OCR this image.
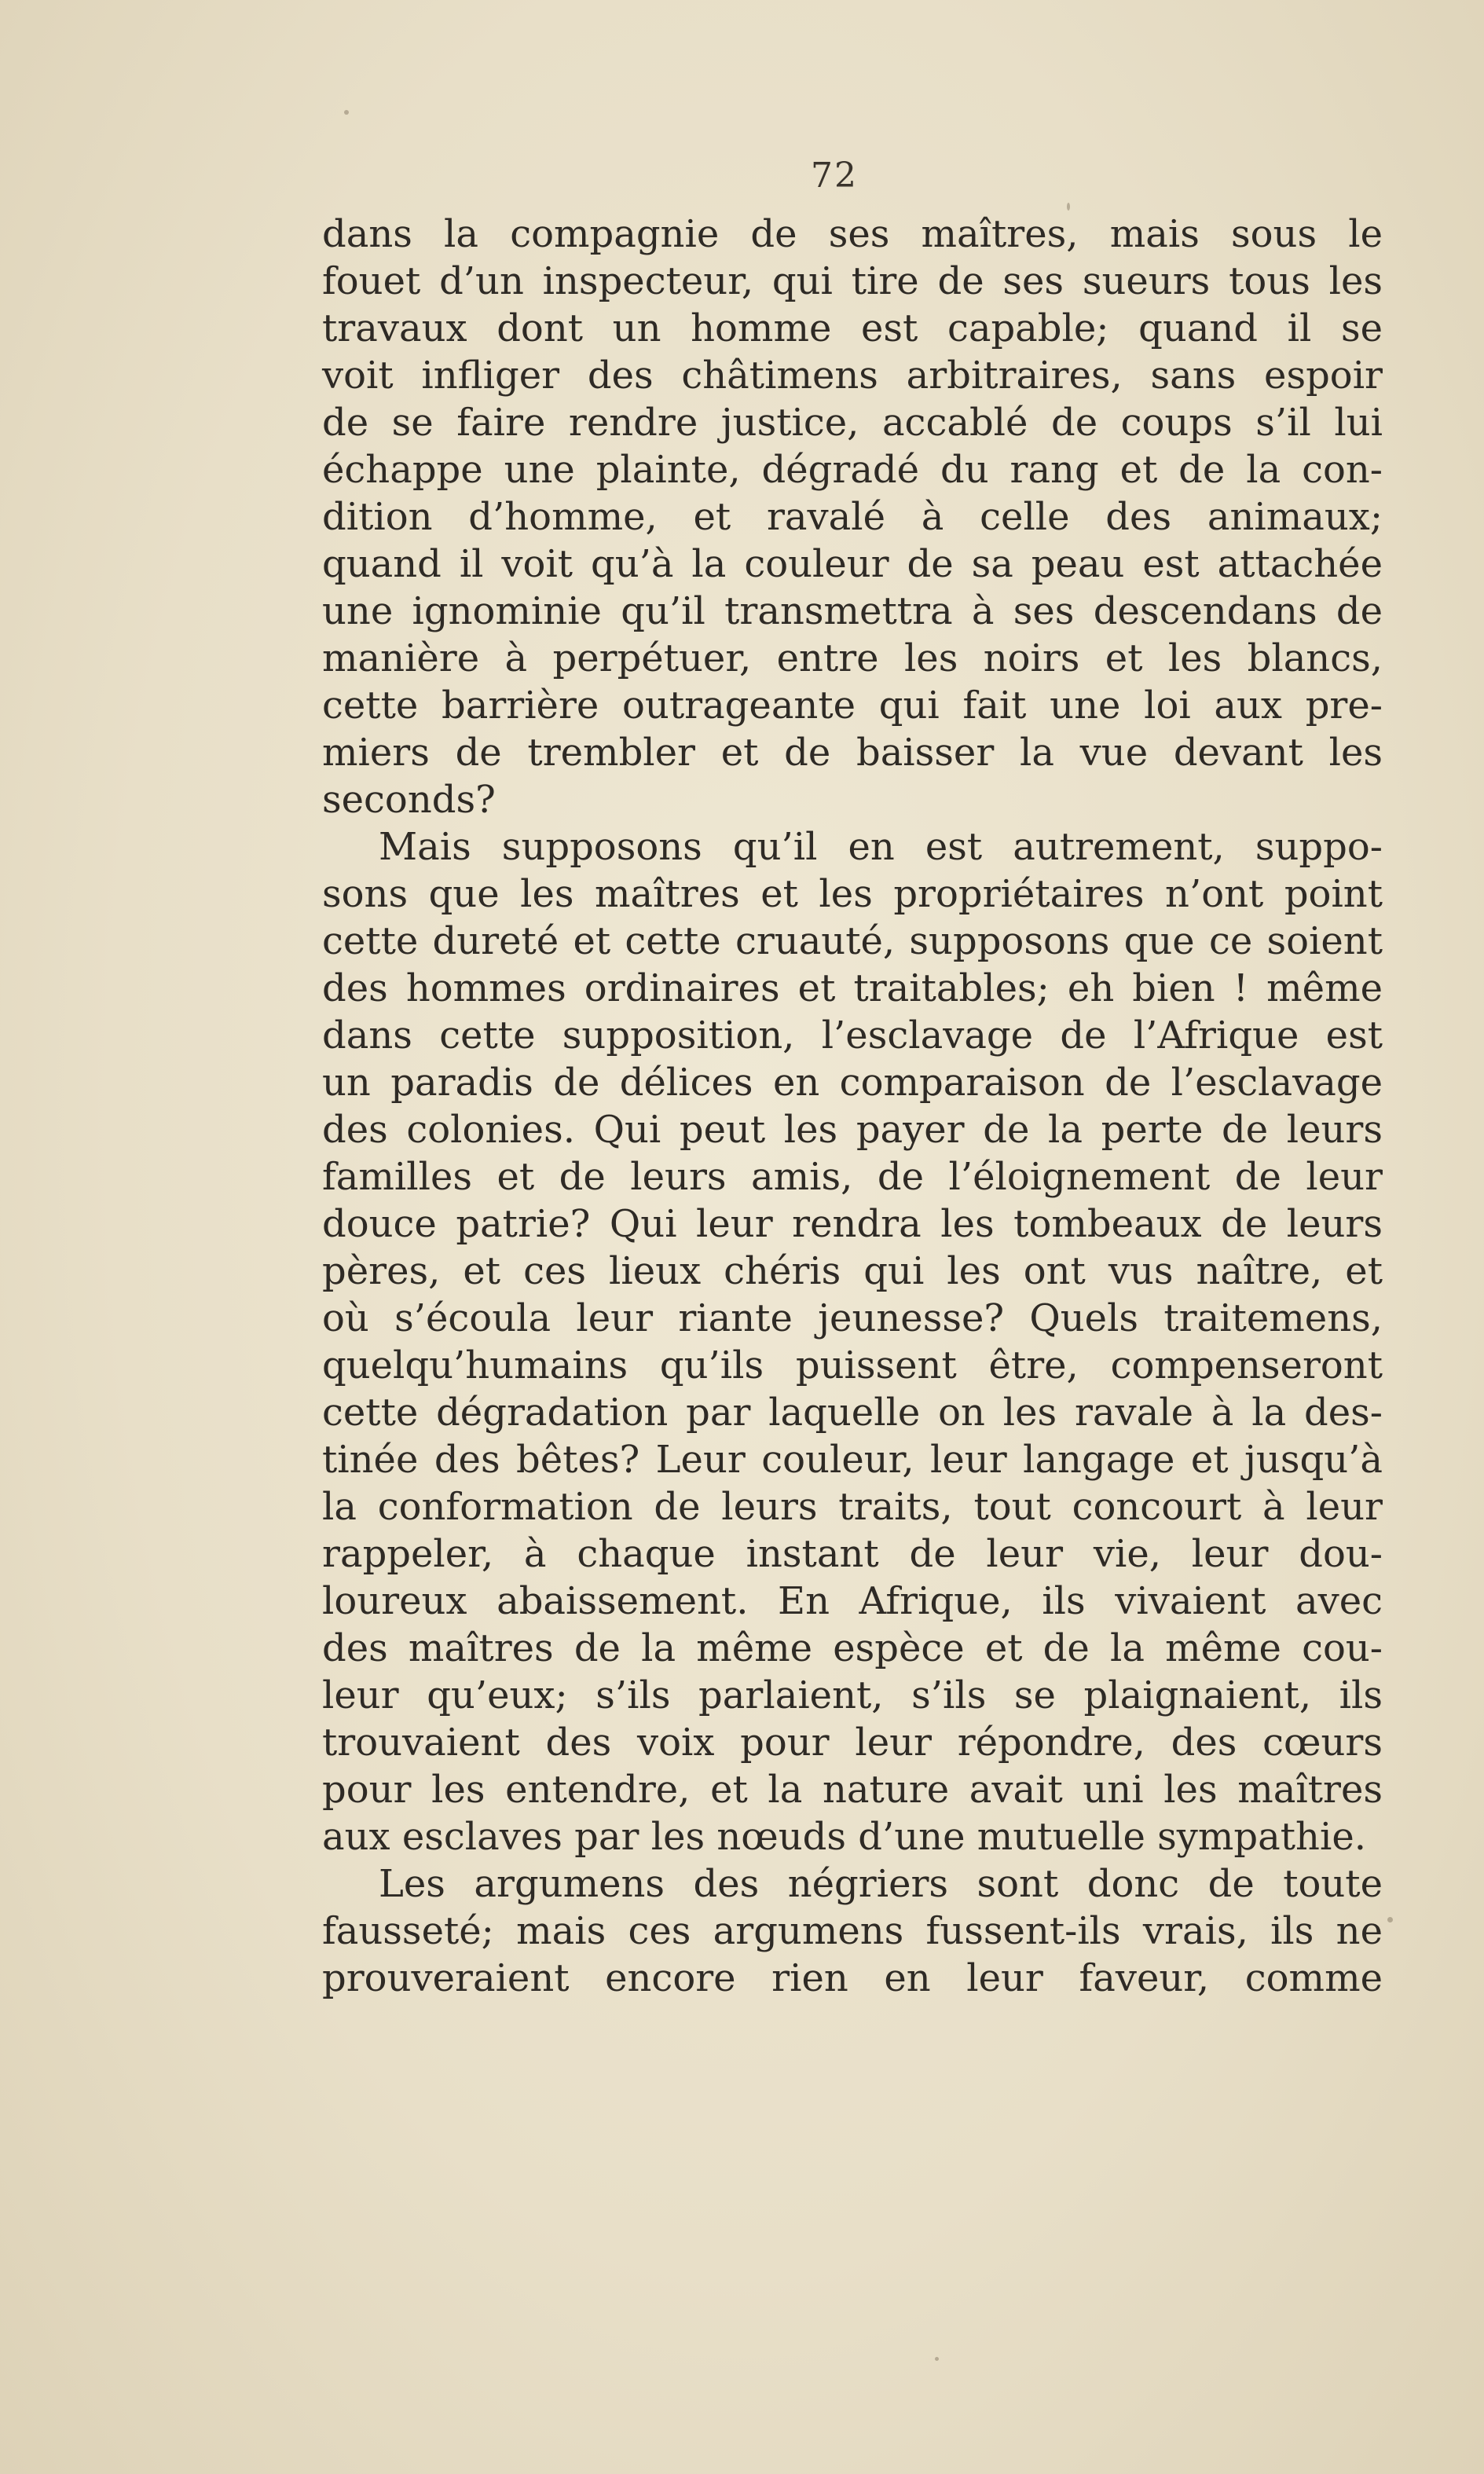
72
dans la compagnie de ses maîtres, mais sous le
fouet d’un inspecteur, qui tire de ses sueurs tous les
travaux dont un homme est capable; quand il se
voit infliger des châtimens arbitraires, sans espoir
de se faire rendre justice, accablé de coups s’il lui
échappe une plainte, dégradé du rang et de la con-
dition d’homme, et ravalé à celle des animaux;
quand il voit qu’à la couleur de sa peau est attachée
une ignominie qu’il transmettra à ses descendans de
manière à perpétuer, entre les noirs et les blancs,
cette barrière outrageante qui fait une loi aux pre-
miers de trembler et de baisser la vue devant les
seconds?
Mais supposons qu’il en est autrement, suppo-
sons que les maîtres et les propriétaires n’ont point
cette dureté et cette cruauté, supposons que ce soient
des hommes ordinaires et traitables; eh bien ! même
dans cette supposition, l’esclavage de l’Afrique est
un paradis de délices en comparaison de l’esclavage
des colonies. Qui peut les payer de la perte de leurs
familles et de leurs amis, de l’éloignement de leur
douce patrie? Qui leur rendra les tombeaux de leurs
pères, et ces lieux chéris qui les ont vus naître, et
où s’écoula leur riante jeunesse? Quels traitemens,
quelqu’humains qu’ils puissent être, compenseront
cette dégradation par laquelle on les ravale à la des-
tinée des bêtes? Leur couleur, leur langage et jusqu’à
la conformation de leurs traits, tout concourt à leur
rappeler, à chaque instant de leur vie, leur dou-
loureux abaissement. En Afrique, ils vivaient avec
des maîtres de la même espèce et de la même cou-
leur qu’eux; s’ils parlaient, s’ils se plaignaient, ils
trouvaient des voix pour leur répondre, des cœurs
pour les entendre, et la nature avait uni les maîtres
aux esclaves par les nœuds d’une mutuelle sympathie.
Les argumens des négriers sont donc de toute
fausseté; mais ces argumens fussent-ils vrais, ils ne
prouveraient encore rien en leur faveur, comme
